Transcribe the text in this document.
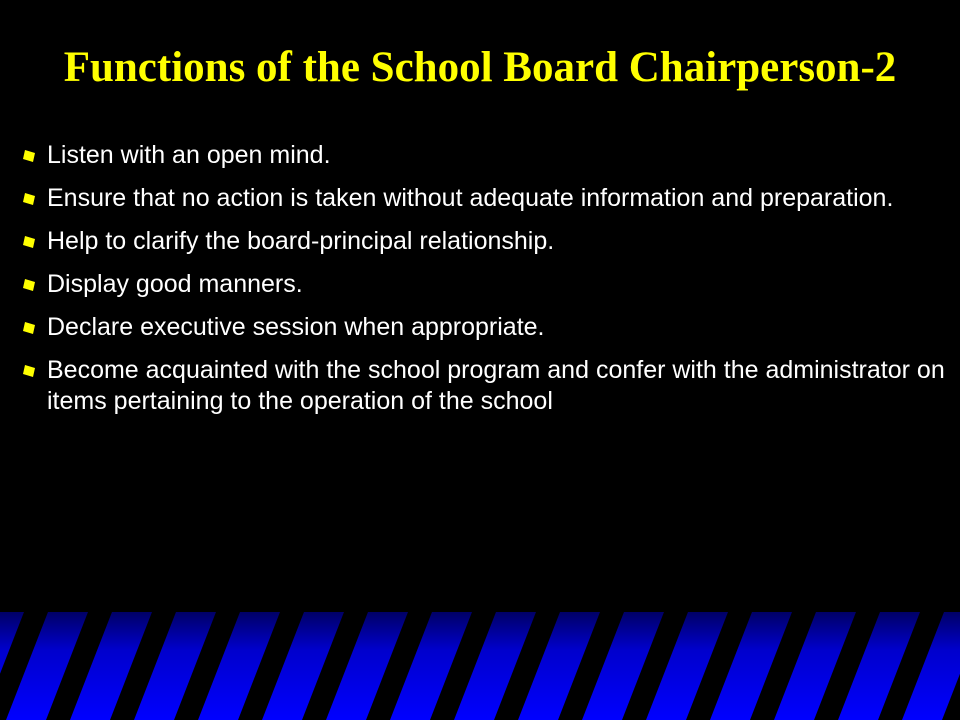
Functions of the School Board Chairperson-2
Listen with an open mind.
Ensure that no action is taken without adequate information and preparation.
Help to clarify the board-principal relationship.
Display good manners.
Declare executive session when appropriate.
Become acquainted with the school program and confer with the administrator on items pertaining to the operation of the school
